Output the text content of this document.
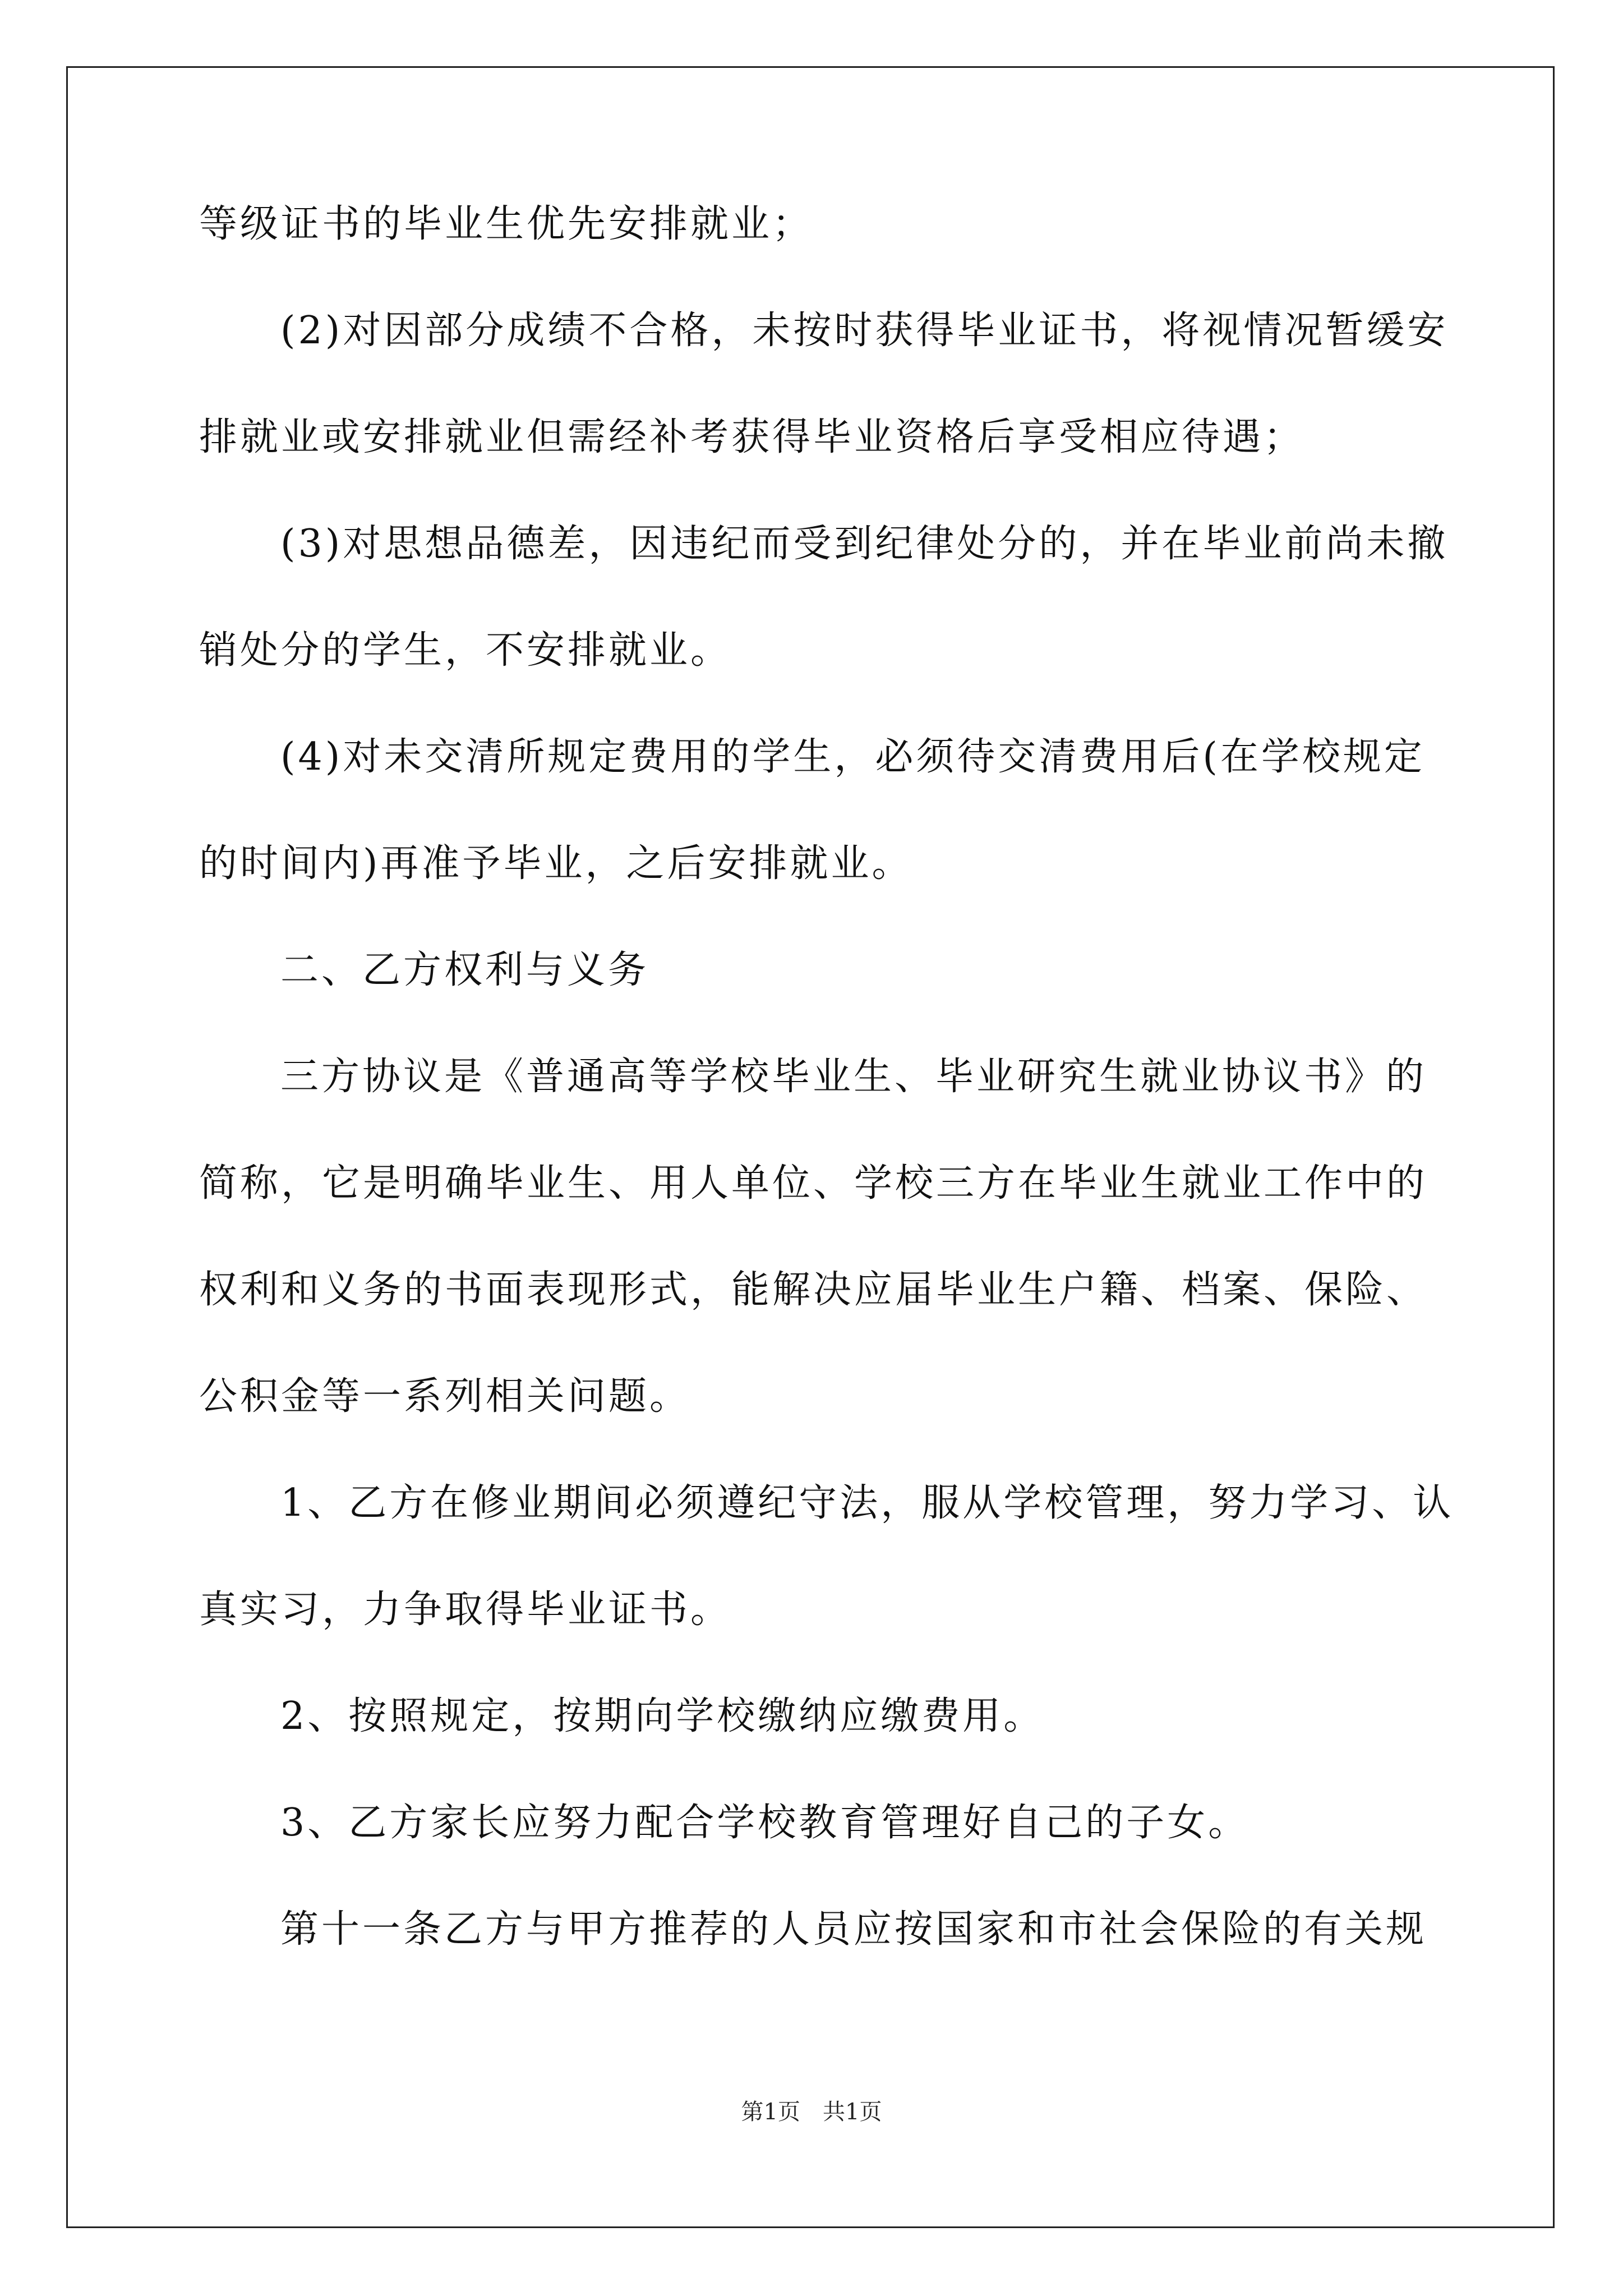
等级证书的毕业生优先安排就业；
(2)对因部分成绩不合格，未按时获得毕业证书，将视情况暂缓安
排就业或安排就业但需经补考获得毕业资格后享受相应待遇；
(3)对思想品德差，因违纪而受到纪律处分的，并在毕业前尚未撤
销处分的学生，不安排就业。
(4)对未交清所规定费用的学生，必须待交清费用后(在学校规定
的时间内)再准予毕业，之后安排就业。
二、乙方权利与义务
三方协议是《普通高等学校毕业生、毕业研究生就业协议书》的
简称，它是明确毕业生、用人单位、学校三方在毕业生就业工作中的
权利和义务的书面表现形式，能解决应届毕业生户籍、档案、保险、
公积金等一系列相关问题。
1、乙方在修业期间必须遵纪守法，服从学校管理，努力学习、认
真实习，力争取得毕业证书。
2、按照规定，按期向学校缴纳应缴费用。
3、乙方家长应努力配合学校教育管理好自己的子女。
第十一条乙方与甲方推荐的人员应按国家和市社会保险的有关规
第1页　共1页
